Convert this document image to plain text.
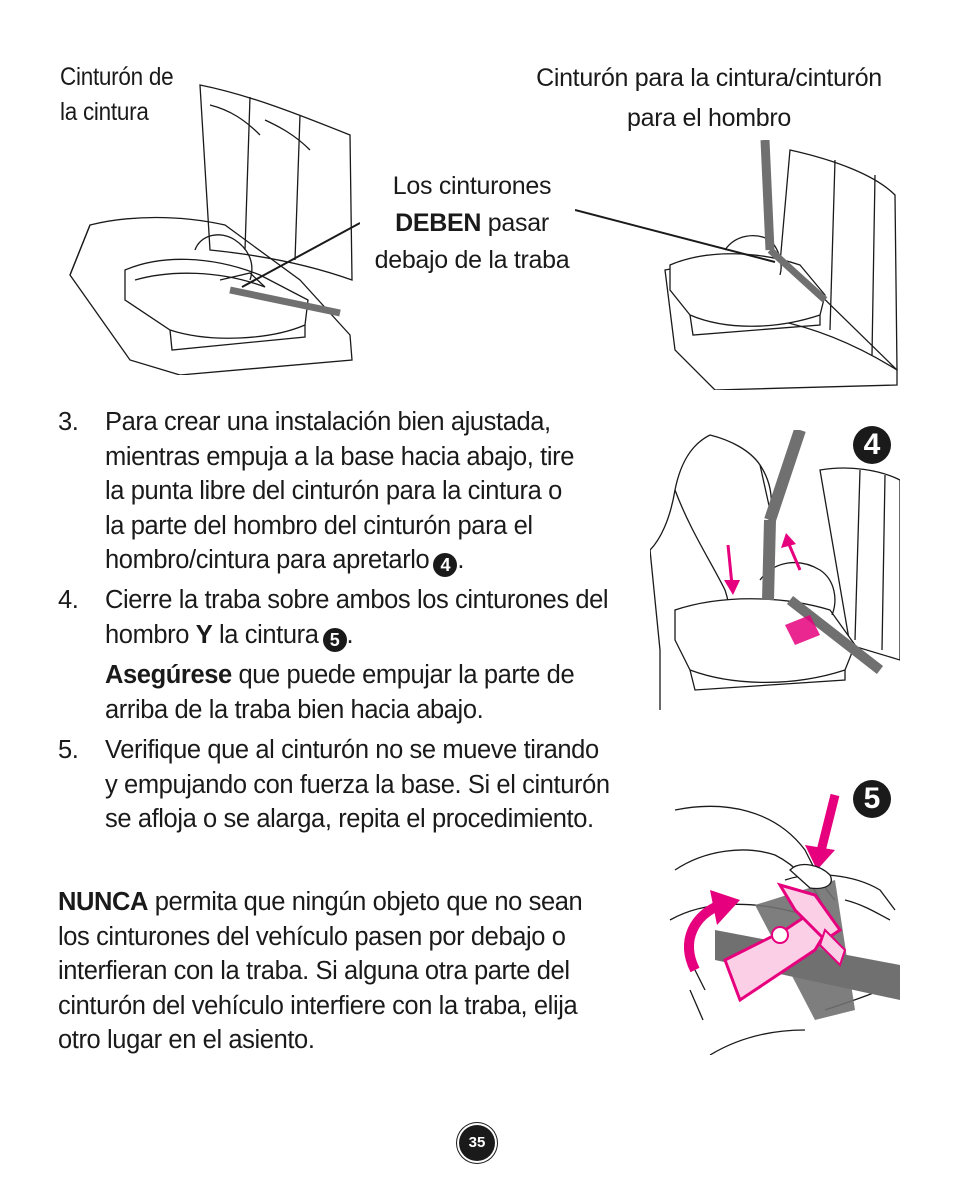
Cinturón de
la cintura
Cinturón para la cintura/cinturón
para el hombro
Los cinturones
DEBEN pasar
debajo de la traba
3. Para crear una instalación bien ajustada,
mientras empuja a la base hacia abajo, tire
la punta libre del cinturón para la cintura o
la parte del hombro del cinturón para el
hombro/cintura para apretarlo 4 .
4. Cierre la traba sobre ambos los cinturones del
hombro Y la cintura 5 .
Asegúrese que puede empujar la parte de
arriba de la traba bien hacia abajo.
5. Verifique que al cinturón no se mueve tirando
y empujando con fuerza la base. Si el cinturón
se afloja o se alarga, repita el procedimiento.
NUNCA permita que ningún objeto que no sean
los cinturones del vehículo pasen por debajo o
interfieran con la traba. Si alguna otra parte del
cinturón del vehículo interfiere con la traba, elija
otro lugar en el asiento.
4
5
35
